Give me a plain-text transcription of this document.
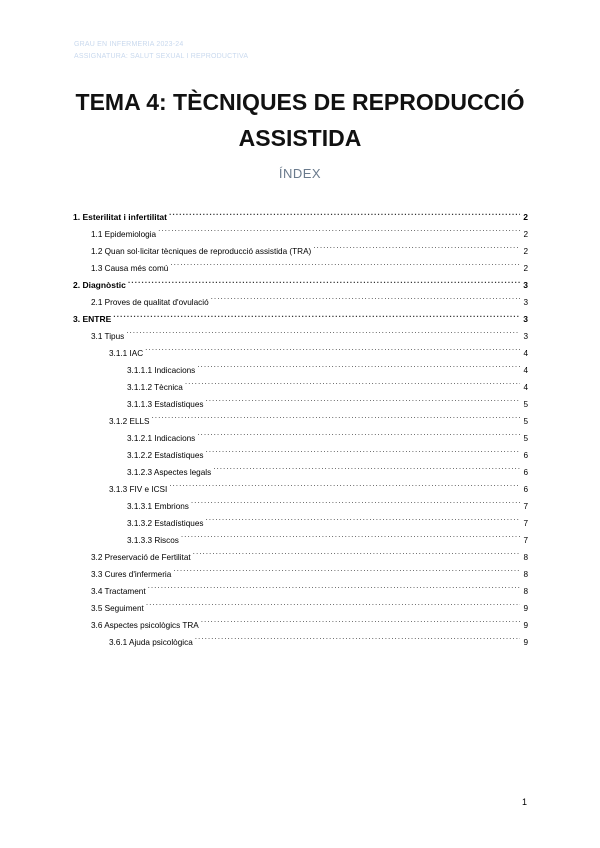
GRAU EN INFERMERIA 2023-24
ASSIGNATURA: SALUT SEXUAL I REPRODUCTIVA
TEMA 4: TÈCNIQUES DE REPRODUCCIÓ
ASSISTIDA
ÍNDEX
1. Esterilitat i infertilitat .....	2
1.1 Epidemiologia .....	2
1.2 Quan sol·licitar tècniques de reproducció assistida (TRA) .....	2
1.3 Causa més comú .....	2
2. Diagnòstic .....	3
2.1 Proves de qualitat d'ovulació .....	3
3. ENTRE .....	3
3.1 Tipus .....	3
3.1.1 IAC .....	4
3.1.1.1 Indicacions .....	4
3.1.1.2 Tècnica .....	4
3.1.1.3 Estadístiques .....	5
3.1.2 ELLS .....	5
3.1.2.1 Indicacions .....	5
3.1.2.2 Estadístiques .....	6
3.1.2.3 Aspectes legals .....	6
3.1.3 FIV e ICSI .....	6
3.1.3.1 Embrions .....	7
3.1.3.2 Estadístiques .....	7
3.1.3.3 Riscos .....	7
3.2 Preservació de Fertilitat .....	8
3.3 Cures d'infermeria .....	8
3.4 Tractament .....	8
3.5 Seguiment .....	9
3.6 Aspectes psicològics TRA .....	9
3.6.1 Ajuda psicològica .....	9
1
